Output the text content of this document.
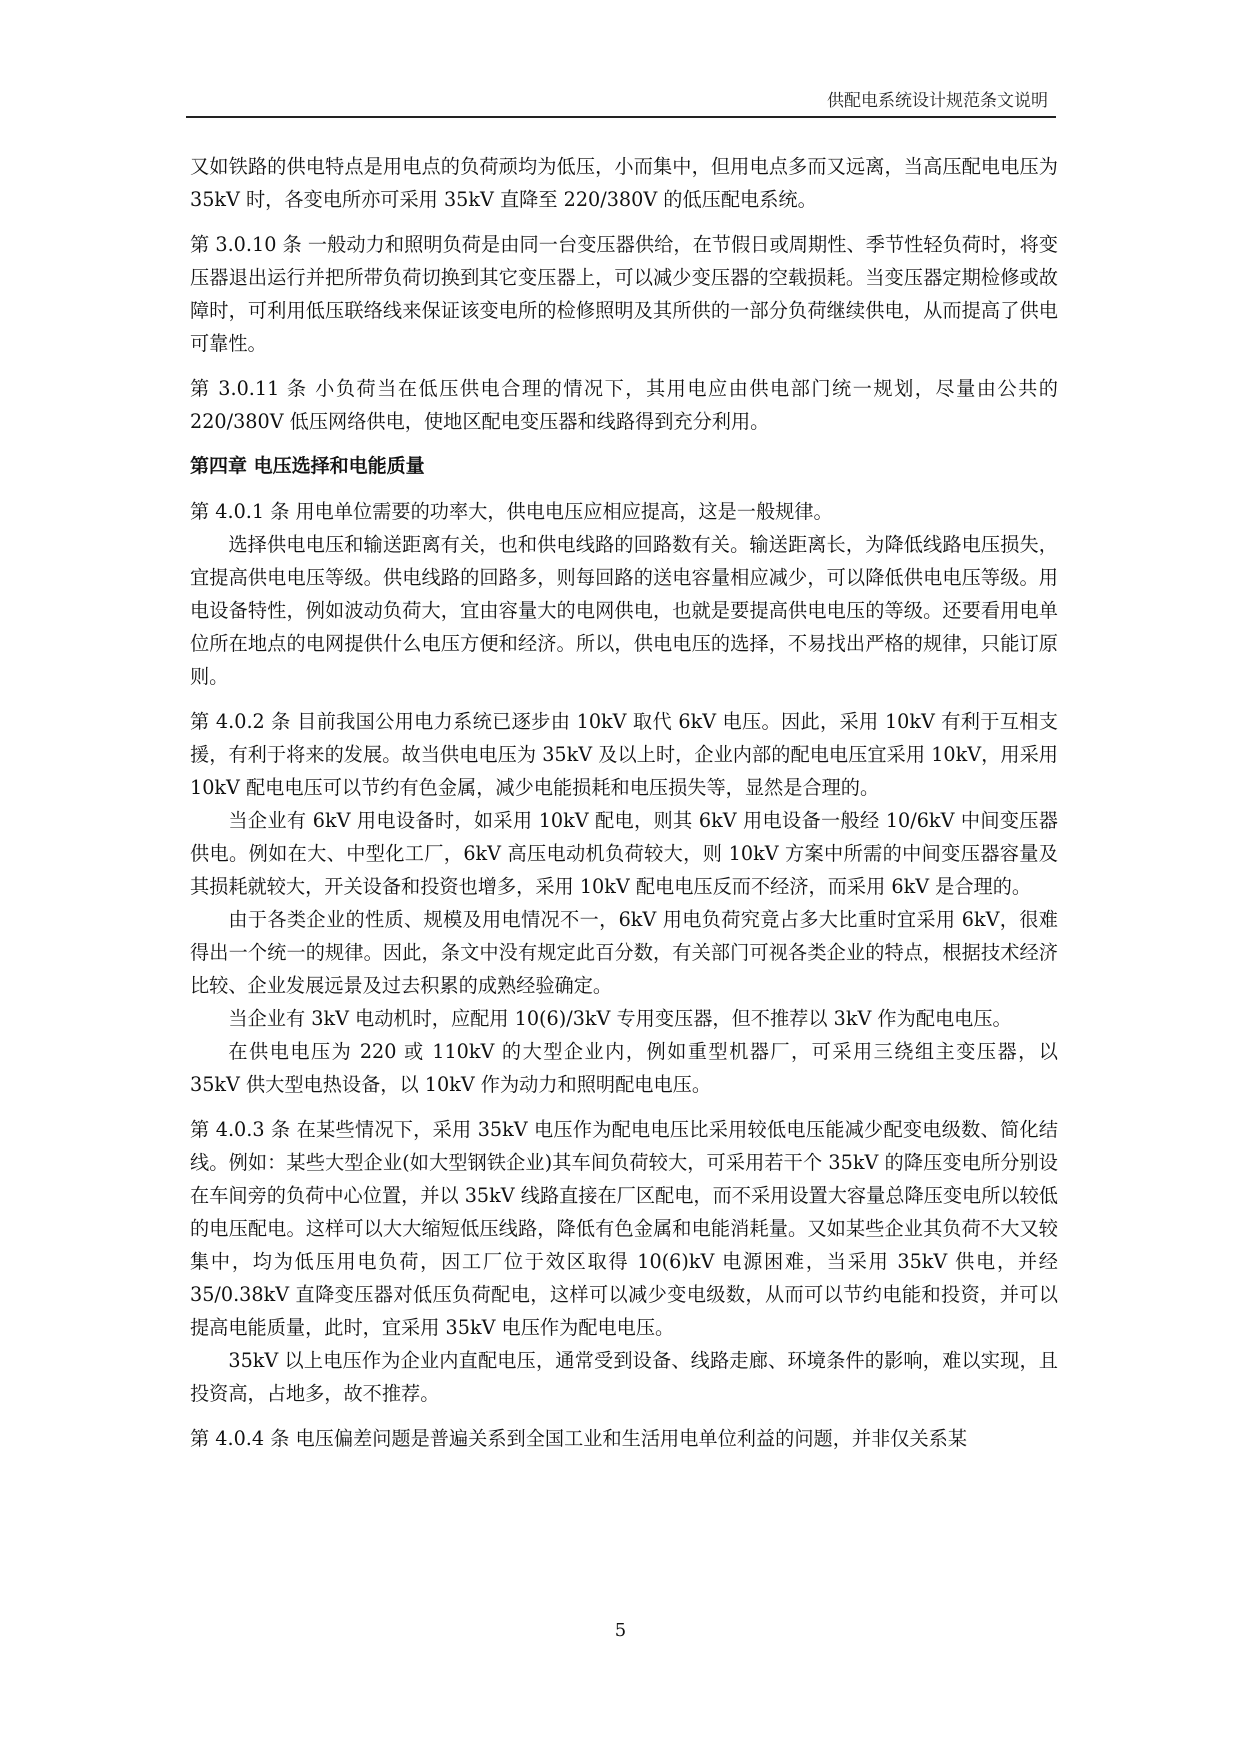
供配电系统设计规范条文说明

又如铁路的供电特点是用电点的负荷顽均为低压，小而集中，但用电点多而又远离，当高压配电电压为 35kV 时，各变电所亦可采用 35kV 直降至 220/380V 的低压配电系统。

第 3.0.10 条 一般动力和照明负荷是由同一台变压器供给，在节假日或周期性、季节性轻负荷时，将变压器退出运行并把所带负荷切换到其它变压器上，可以减少变压器的空载损耗。当变压器定期检修或故障时，可利用低压联络线来保证该变电所的检修照明及其所供的一部分负荷继续供电，从而提高了供电可靠性。

第 3.0.11 条 小负荷当在低压供电合理的情况下，其用电应由供电部门统一规划，尽量由公共的 220/380V 低压网络供电，使地区配电变压器和线路得到充分利用。

第四章 电压选择和电能质量

第 4.0.1 条 用电单位需要的功率大，供电电压应相应提高，这是一般规律。

选择供电电压和输送距离有关，也和供电线路的回路数有关。输送距离长，为降低线路电压损失，宜提高供电电压等级。供电线路的回路多，则每回路的送电容量相应减少，可以降低供电电压等级。用电设备特性，例如波动负荷大，宜由容量大的电网供电，也就是要提高供电电压的等级。还要看用电单位所在地点的电网提供什么电压方便和经济。所以，供电电压的选择，不易找出严格的规律，只能订原则。

第 4.0.2 条 目前我国公用电力系统已逐步由 10kV 取代 6kV 电压。因此，采用 10kV 有利于互相支援，有利于将来的发展。故当供电电压为 35kV 及以上时，企业内部的配电电压宜采用 10kV，用采用 10kV 配电电压可以节约有色金属，减少电能损耗和电压损失等，显然是合理的。

当企业有 6kV 用电设备时，如采用 10kV 配电，则其 6kV 用电设备一般经 10/6kV 中间变压器供电。例如在大、中型化工厂，6kV 高压电动机负荷较大，则 10kV 方案中所需的中间变压器容量及其损耗就较大，开关设备和投资也增多，采用 10kV 配电电压反而不经济，而采用 6kV 是合理的。

由于各类企业的性质、规模及用电情况不一，6kV 用电负荷究竟占多大比重时宜采用 6kV，很难得出一个统一的规律。因此，条文中没有规定此百分数，有关部门可视各类企业的特点，根据技术经济比较、企业发展远景及过去积累的成熟经验确定。

当企业有 3kV 电动机时，应配用 10(6)/3kV 专用变压器，但不推荐以 3kV 作为配电电压。

在供电电压为 220 或 110kV 的大型企业内，例如重型机器厂，可采用三绕组主变压器，以 35kV 供大型电热设备，以 10kV 作为动力和照明配电电压。

第 4.0.3 条 在某些情况下，采用 35kV 电压作为配电电压比采用较低电压能减少配变电级数、简化结线。例如：某些大型企业(如大型钢铁企业)其车间负荷较大，可采用若干个 35kV 的降压变电所分别设在车间旁的负荷中心位置，并以 35kV 线路直接在厂区配电，而不采用设置大容量总降压变电所以较低的电压配电。这样可以大大缩短低压线路，降低有色金属和电能消耗量。又如某些企业其负荷不大又较集中，均为低压用电负荷，因工厂位于效区取得 10(6)kV 电源困难，当采用 35kV 供电，并经 35/0.38kV 直降变压器对低压负荷配电，这样可以减少变电级数，从而可以节约电能和投资，并可以提高电能质量，此时，宜采用 35kV 电压作为配电电压。

35kV 以上电压作为企业内直配电压，通常受到设备、线路走廊、环境条件的影响，难以实现，且投资高，占地多，故不推荐。

第 4.0.4 条 电压偏差问题是普遍关系到全国工业和生活用电单位利益的问题，并非仅关系某

5
